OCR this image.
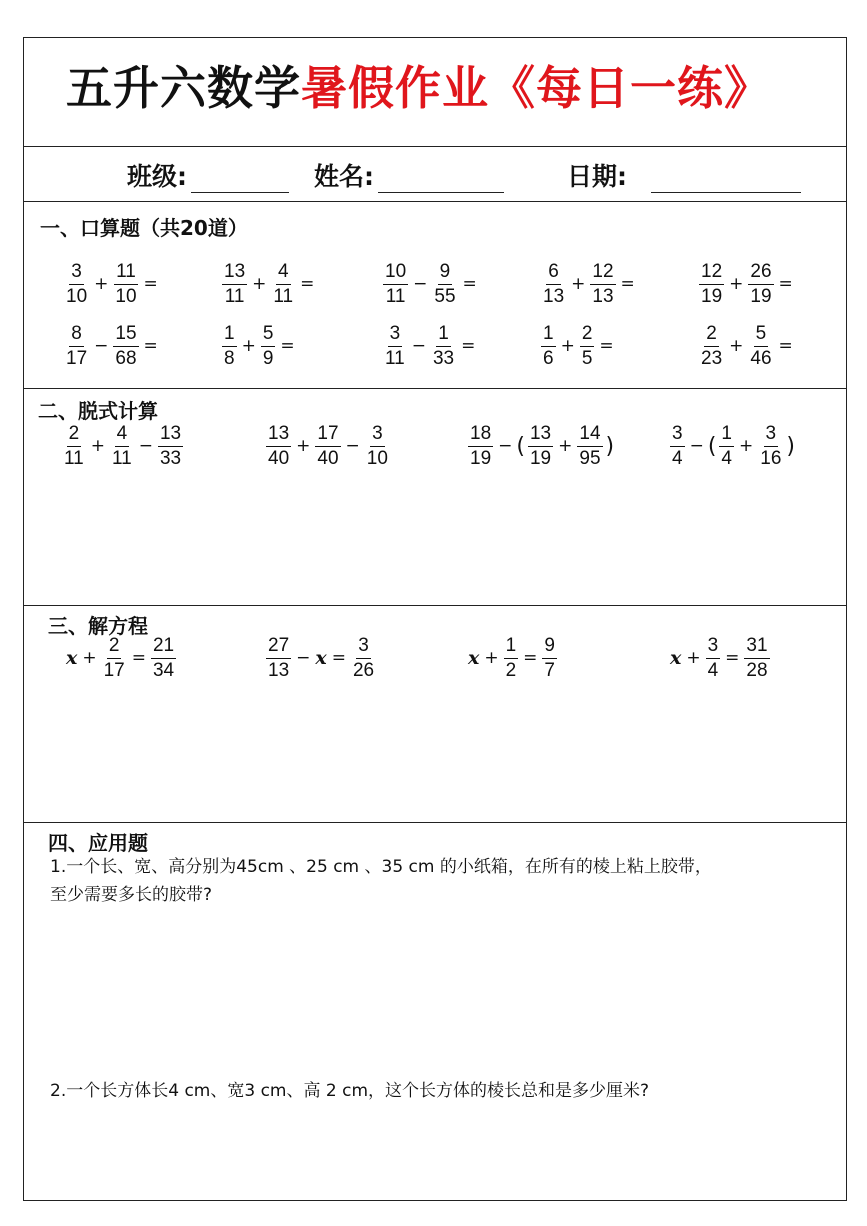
五升六数学暑假作业《每日一练》
班级:	姓名:	日期:
一、口算题（共20道）
$\frac{3}{10} + \frac{11}{10}$ =	$\frac{13}{11} + \frac{4}{11}$ =	$\frac{10}{11} - \frac{9}{55}$ =	$\frac{6}{13} + \frac{12}{13}$ =	$\frac{12}{19} + \frac{26}{19}$ =
$\frac{8}{17} - \frac{15}{68}$ =	$\frac{1}{8} + \frac{5}{9}$ =	$\frac{3}{11} - \frac{1}{33}$ =	$\frac{1}{6} + \frac{2}{5}$ =	$\frac{2}{23} + \frac{5}{46}$ =
二、脱式计算
$\frac{2}{11} + \frac{4}{11} - \frac{13}{33}$	$\frac{13}{40} + \frac{17}{40} - \frac{3}{10}$	$\frac{18}{19}$ − ( $\frac{13}{19} + \frac{14}{95}$ )	$\frac{3}{4}$ − ( $\frac{1}{4} + \frac{3}{16}$ )
三、解方程
$x + \frac{2}{17} = \frac{21}{34}$	$\frac{27}{13} - x = \frac{3}{26}$	$x + \frac{1}{2} = \frac{9}{7}$	$x + \frac{3}{4} = \frac{31}{28}$
四、应用题
1.一个长、宽、高分别为45cm 、25 cm 、35 cm 的小纸箱，在所有的棱上粘上胶带，
至少需要多长的胶带?
2.一个长方体长4 cm、宽3 cm、高 2 cm，这个长方体的棱长总和是多少厘米?
